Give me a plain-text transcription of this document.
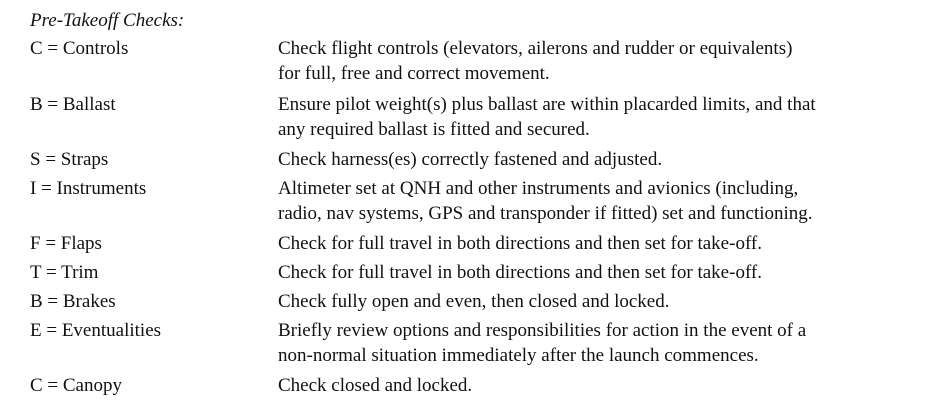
Pre-Takeoff Checks:
C = Controls	Check flight controls (elevators, ailerons and rudder or equivalents)
for full, free and correct movement.
B = Ballast	Ensure pilot weight(s) plus ballast are within placarded limits, and that
any required ballast is fitted and secured.
S = Straps	Check harness(es) correctly fastened and adjusted.
I = Instruments	Altimeter set at QNH and other instruments and avionics (including,
radio, nav systems, GPS and transponder if fitted) set and functioning.
F = Flaps	Check for full travel in both directions and then set for take-off.
T = Trim	Check for full travel in both directions and then set for take-off.
B = Brakes	Check fully open and even, then closed and locked.
E = Eventualities	Briefly review options and responsibilities for action in the event of a
non-normal situation immediately after the launch commences.
C = Canopy	Check closed and locked.
